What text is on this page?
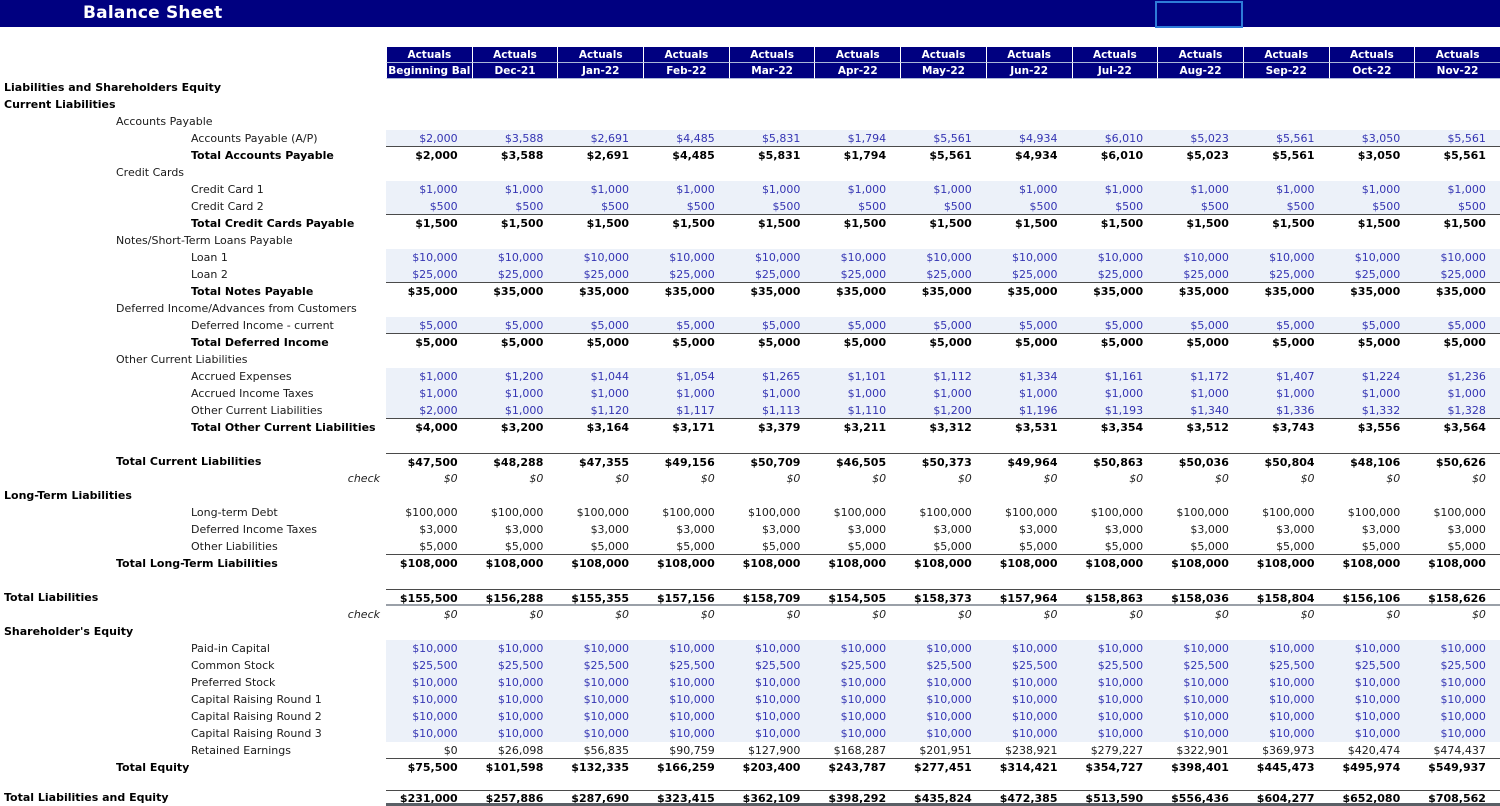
Balance Sheet
Actuals	Actuals	Actuals	Actuals	Actuals	Actuals	Actuals	Actuals	Actuals	Actuals	Actuals	Actuals	Actuals
Beginning Bal	Dec-21	Jan-22	Feb-22	Mar-22	Apr-22	May-22	Jun-22	Jul-22	Aug-22	Sep-22	Oct-22	Nov-22
Liabilities and Shareholders Equity
Current Liabilities
Accounts Payable
Accounts Payable (A/P)	$2,000	$3,588	$2,691	$4,485	$5,831	$1,794	$5,561	$4,934	$6,010	$5,023	$5,561	$3,050	$5,561
Total Accounts Payable	$2,000	$3,588	$2,691	$4,485	$5,831	$1,794	$5,561	$4,934	$6,010	$5,023	$5,561	$3,050	$5,561
Credit Cards
Credit Card 1	$1,000	$1,000	$1,000	$1,000	$1,000	$1,000	$1,000	$1,000	$1,000	$1,000	$1,000	$1,000	$1,000
Credit Card 2	$500	$500	$500	$500	$500	$500	$500	$500	$500	$500	$500	$500	$500
Total Credit Cards Payable	$1,500	$1,500	$1,500	$1,500	$1,500	$1,500	$1,500	$1,500	$1,500	$1,500	$1,500	$1,500	$1,500
Notes/Short-Term Loans Payable
Loan 1	$10,000	$10,000	$10,000	$10,000	$10,000	$10,000	$10,000	$10,000	$10,000	$10,000	$10,000	$10,000	$10,000
Loan 2	$25,000	$25,000	$25,000	$25,000	$25,000	$25,000	$25,000	$25,000	$25,000	$25,000	$25,000	$25,000	$25,000
Total Notes Payable	$35,000	$35,000	$35,000	$35,000	$35,000	$35,000	$35,000	$35,000	$35,000	$35,000	$35,000	$35,000	$35,000
Deferred Income/Advances from Customers
Deferred Income - current	$5,000	$5,000	$5,000	$5,000	$5,000	$5,000	$5,000	$5,000	$5,000	$5,000	$5,000	$5,000	$5,000
Total Deferred Income	$5,000	$5,000	$5,000	$5,000	$5,000	$5,000	$5,000	$5,000	$5,000	$5,000	$5,000	$5,000	$5,000
Other Current Liabilities
Accrued Expenses	$1,000	$1,200	$1,044	$1,054	$1,265	$1,101	$1,112	$1,334	$1,161	$1,172	$1,407	$1,224	$1,236
Accrued Income Taxes	$1,000	$1,000	$1,000	$1,000	$1,000	$1,000	$1,000	$1,000	$1,000	$1,000	$1,000	$1,000	$1,000
Other Current Liabilities	$2,000	$1,000	$1,120	$1,117	$1,113	$1,110	$1,200	$1,196	$1,193	$1,340	$1,336	$1,332	$1,328
Total Other Current Liabilities	$4,000	$3,200	$3,164	$3,171	$3,379	$3,211	$3,312	$3,531	$3,354	$3,512	$3,743	$3,556	$3,564
Total Current Liabilities	$47,500	$48,288	$47,355	$49,156	$50,709	$46,505	$50,373	$49,964	$50,863	$50,036	$50,804	$48,106	$50,626
check	$0	$0	$0	$0	$0	$0	$0	$0	$0	$0	$0	$0	$0
Long-Term Liabilities
Long-term Debt	$100,000	$100,000	$100,000	$100,000	$100,000	$100,000	$100,000	$100,000	$100,000	$100,000	$100,000	$100,000	$100,000
Deferred Income Taxes	$3,000	$3,000	$3,000	$3,000	$3,000	$3,000	$3,000	$3,000	$3,000	$3,000	$3,000	$3,000	$3,000
Other Liabilities	$5,000	$5,000	$5,000	$5,000	$5,000	$5,000	$5,000	$5,000	$5,000	$5,000	$5,000	$5,000	$5,000
Total Long-Term Liabilities	$108,000	$108,000	$108,000	$108,000	$108,000	$108,000	$108,000	$108,000	$108,000	$108,000	$108,000	$108,000	$108,000
Total Liabilities	$155,500	$156,288	$155,355	$157,156	$158,709	$154,505	$158,373	$157,964	$158,863	$158,036	$158,804	$156,106	$158,626
check	$0	$0	$0	$0	$0	$0	$0	$0	$0	$0	$0	$0	$0
Shareholder's Equity
Paid-in Capital	$10,000	$10,000	$10,000	$10,000	$10,000	$10,000	$10,000	$10,000	$10,000	$10,000	$10,000	$10,000	$10,000
Common Stock	$25,500	$25,500	$25,500	$25,500	$25,500	$25,500	$25,500	$25,500	$25,500	$25,500	$25,500	$25,500	$25,500
Preferred Stock	$10,000	$10,000	$10,000	$10,000	$10,000	$10,000	$10,000	$10,000	$10,000	$10,000	$10,000	$10,000	$10,000
Capital Raising Round 1	$10,000	$10,000	$10,000	$10,000	$10,000	$10,000	$10,000	$10,000	$10,000	$10,000	$10,000	$10,000	$10,000
Capital Raising Round 2	$10,000	$10,000	$10,000	$10,000	$10,000	$10,000	$10,000	$10,000	$10,000	$10,000	$10,000	$10,000	$10,000
Capital Raising Round 3	$10,000	$10,000	$10,000	$10,000	$10,000	$10,000	$10,000	$10,000	$10,000	$10,000	$10,000	$10,000	$10,000
Retained Earnings	$0	$26,098	$56,835	$90,759	$127,900	$168,287	$201,951	$238,921	$279,227	$322,901	$369,973	$420,474	$474,437
Total Equity	$75,500	$101,598	$132,335	$166,259	$203,400	$243,787	$277,451	$314,421	$354,727	$398,401	$445,473	$495,974	$549,937
Total Liabilities and Equity	$231,000	$257,886	$287,690	$323,415	$362,109	$398,292	$435,824	$472,385	$513,590	$556,436	$604,277	$652,080	$708,562
